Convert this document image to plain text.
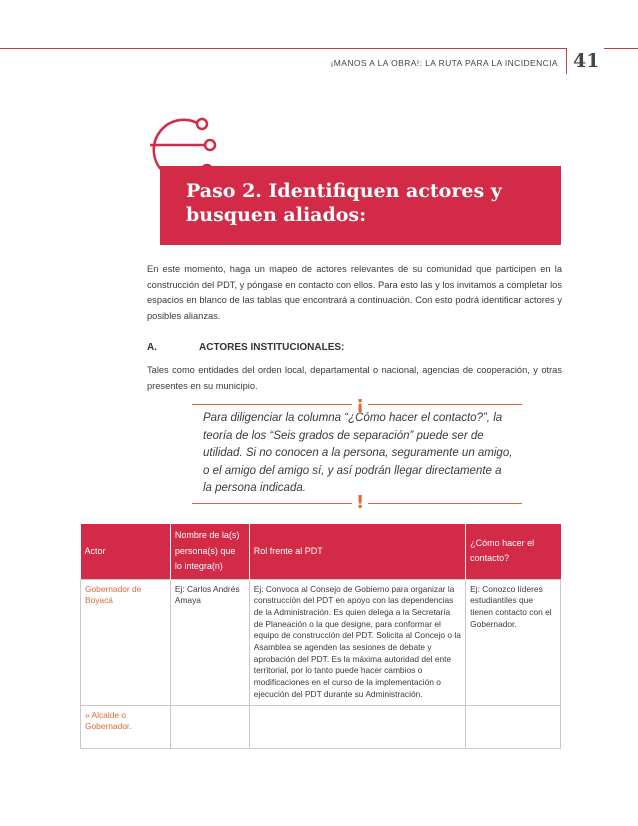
¡MANOS A LA OBRA!: LA RUTA PARA LA INCIDENCIA 41
Paso 2. Identifiquen actores y busquen aliados:
En este momento, haga un mapeo de actores relevantes de su comunidad que participen en la construcción del PDT, y póngase en contacto con ellos. Para esto las y los invitamos a completar los espacios en blanco de las tablas que encontrará a continuación. Con esto podrá identificar actores y posibles alianzas.
A.	ACTORES INSTITUCIONALES:
Tales como entidades del orden local, departamental o nacional, agencias de cooperación, y otras presentes en su municipio.
¡
Para diligenciar la columna “¿Cómo hacer el contacto?”, la teoría de los “Seis grados de separación” puede ser de utilidad. Si no conocen a la persona, seguramente un amigo, o el amigo del amigo sí, y así podrán llegar directamente a la persona indicada.
!
Actor	Nombre de la(s) persona(s) que lo integra(n)	Rol frente al PDT	¿Cómo hacer el contacto?
Gobernador de Boyacá	Ej: Carlos Andrés Amaya	Ej: Convoca al Consejo de Gobierno para organizar la construcción del PDT en apoyo con las dependencias de la Administración. Es quien delega a la Secretaría de Planeación o la que designe, para conformar el equipo de construcción del PDT. Solicita al Concejo o la Asamblea se agenden las sesiones de debate y aprobación del PDT. Es la máxima autoridad del ente territorial, por lo tanto puede hacer cambios o modificaciones en el curso de la implementación o ejecución del PDT durante su Administración.	Ej: Conozco líderes estudiantiles que tienen contacto con el Gobernador.
» Alcalde o Gobernador.			
